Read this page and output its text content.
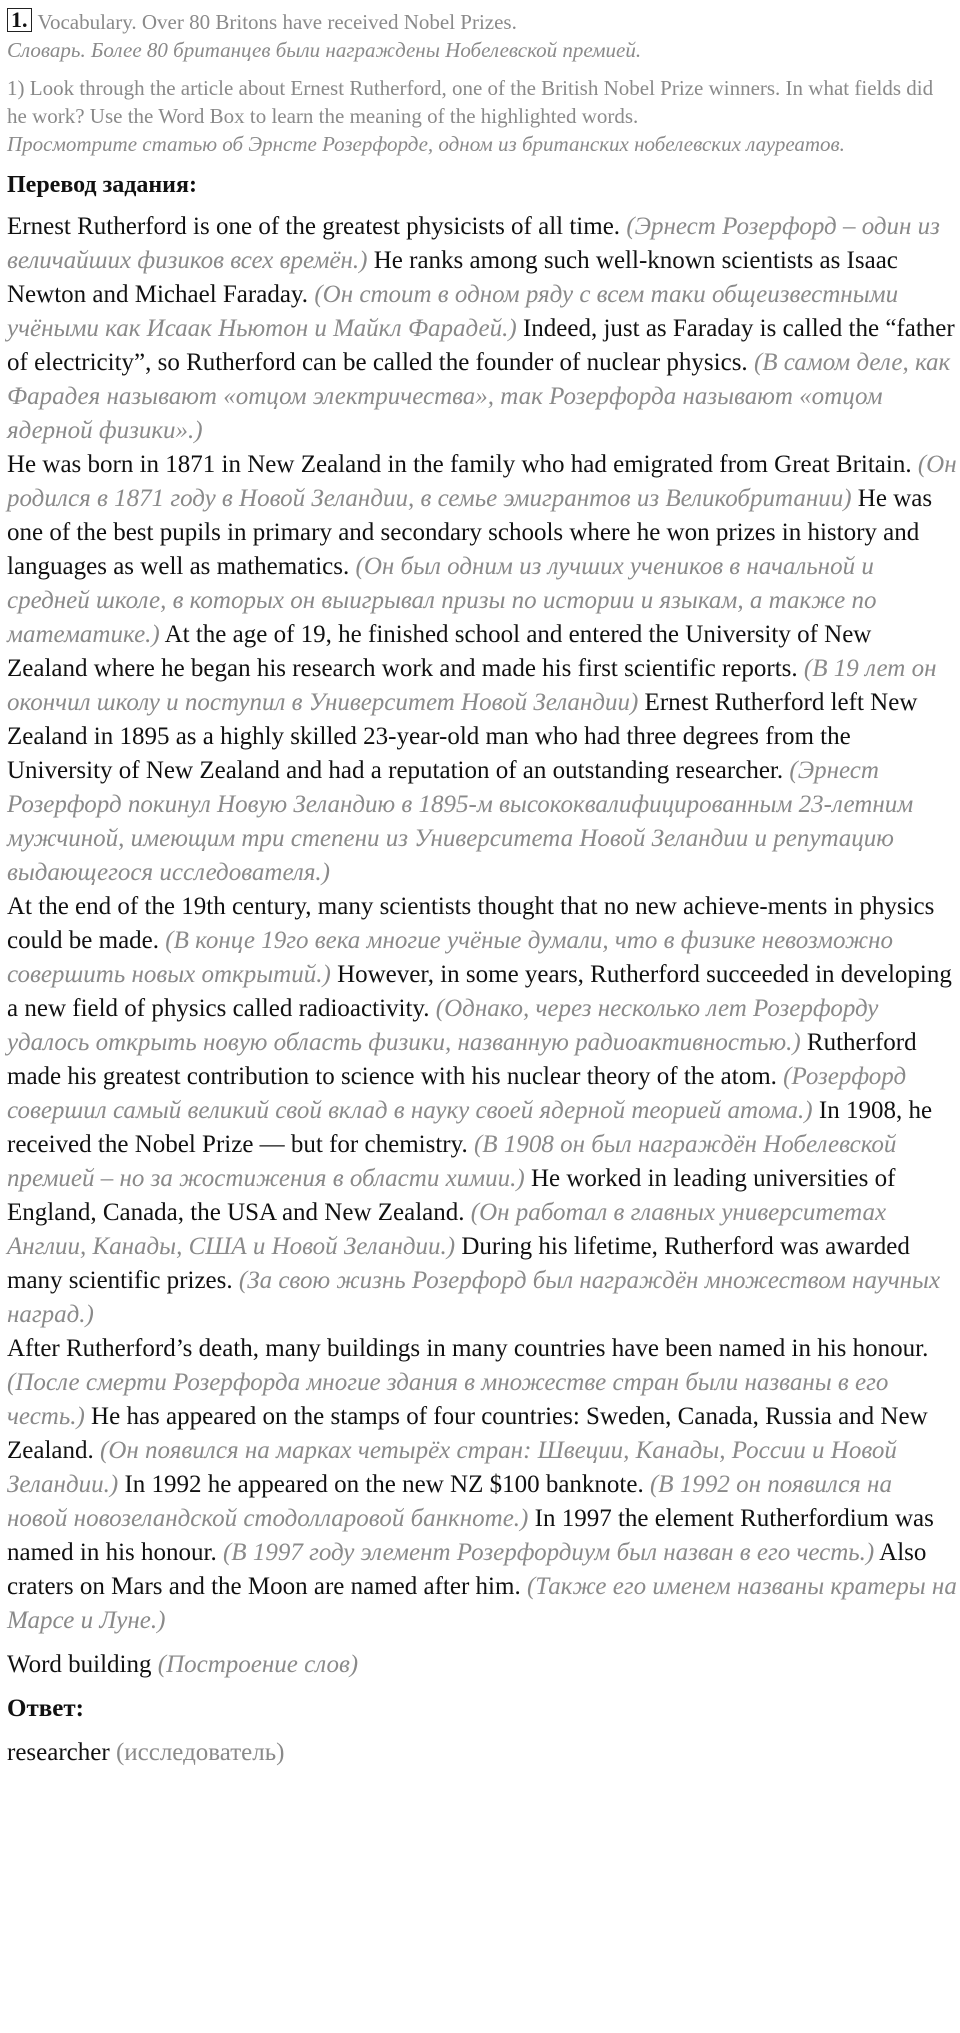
1. Vocabulary. Over 80 Britons have received Nobel Prizes.
Словарь. Более 80 британцев были награждены Нобелевской премией.
1) Look through the article about Ernest Rutherford, one of the British Nobel Prize winners. In what fields did he work? Use the Word Box to learn the meaning of the highlighted words.
Просмотрите статью об Эрнсте Розерфорде, одном из британских нобелевских лауреатов.
Перевод задания:
Ernest Rutherford is one of the greatest physicists of all time. (Эрнест Розерфорд – один из величайших физиков всех времён.) He ranks among such well-known scientists as Isaac Newton and Michael Faraday. (Он стоит в одном ряду с всем таки общеизвестными учёными как Исаак Ньютон и Майкл Фарадей.) Indeed, just as Faraday is called the “father of electricity”, so Rutherford can be called the founder of nuclear physics. (В самом деле, как Фарадея называют «отцом электричества», так Розерфорда называют «отцом ядерной физики».)
He was born in 1871 in New Zealand in the family who had emigrated from Great Britain. (Он родился в 1871 году в Новой Зеландии, в семье эмигрантов из Великобритании) He was one of the best pupils in primary and secondary schools where he won prizes in history and languages as well as mathematics. (Он был одним из лучших учеников в начальной и средней школе, в которых он выигрывал призы по истории и языкам, а также по математике.) At the age of 19, he finished school and entered the University of New Zealand where he began his research work and made his first scientific reports. (В 19 лет он окончил школу и поступил в Университет Новой Зеландии) Ernest Rutherford left New Zealand in 1895 as a highly skilled 23-year-old man who had three degrees from the University of New Zealand and had a reputation of an outstanding researcher. (Эрнест Розерфорд покинул Новую Зеландию в 1895-м высококвалифицированным 23-летним мужчиной, имеющим три степени из Университета Новой Зеландии и репутацию выдающегося исследователя.)
At the end of the 19th century, many scientists thought that no new achieve-ments in physics could be made. (В конце 19го века многие учёные думали, что в физике невозможно совершить новых открытий.) However, in some years, Rutherford succeeded in developing a new field of physics called radioactivity. (Однако, через несколько лет Розерфорду удалось открыть новую область физики, названную радиоактивностью.) Rutherford made his greatest contribution to science with his nuclear theory of the atom. (Розерфорд совершил самый великий свой вклад в науку своей ядерной теорией атома.) In 1908, he received the Nobel Prize — but for chemistry. (В 1908 он был награждён Нобелевской премией – но за жостижения в области химии.) He worked in leading universities of England, Canada, the USA and New Zealand. (Он работал в главных университетах Англии, Канады, США и Новой Зеландии.) During his lifetime, Rutherford was awarded many scientific prizes. (За свою жизнь Розерфорд был награждён множеством научных наград.)
After Rutherford’s death, many buildings in many countries have been named in his honour. (После смерти Розерфорда многие здания в множестве стран были названы в его честь.) He has appeared on the stamps of four countries: Sweden, Canada, Russia and New Zealand. (Он появился на марках четырёх стран: Швеции, Канады, России и Новой Зеландии.) In 1992 he appeared on the new NZ $100 banknote. (В 1992 он появился на новой новозеландской стодолларовой банкноте.) In 1997 the element Rutherfordium was named in his honour. (В 1997 году элемент Розерфордиум был назван в его честь.) Also craters on Mars and the Moon are named after him. (Также его именем названы кратеры на Марсе и Луне.)
Word building (Построение слов)
Ответ:
researcher (исследователь)
